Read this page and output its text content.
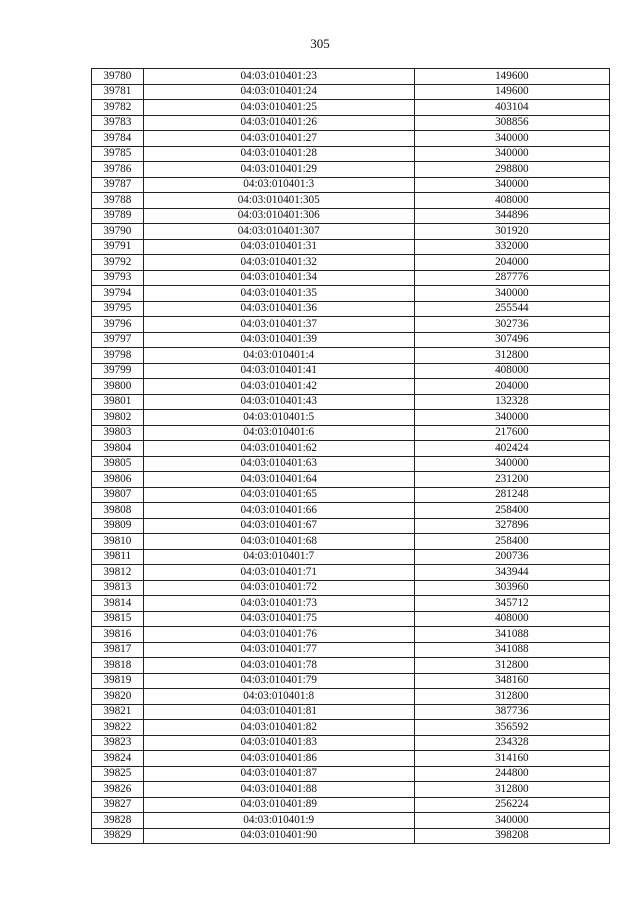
305
39780	04:03:010401:23	149600
39781	04:03:010401:24	149600
39782	04:03:010401:25	403104
39783	04:03:010401:26	308856
39784	04:03:010401:27	340000
39785	04:03:010401:28	340000
39786	04:03:010401:29	298800
39787	04:03:010401:3	340000
39788	04:03:010401:305	408000
39789	04:03:010401:306	344896
39790	04:03:010401:307	301920
39791	04:03:010401:31	332000
39792	04:03:010401:32	204000
39793	04:03:010401:34	287776
39794	04:03:010401:35	340000
39795	04:03:010401:36	255544
39796	04:03:010401:37	302736
39797	04:03:010401:39	307496
39798	04:03:010401:4	312800
39799	04:03:010401:41	408000
39800	04:03:010401:42	204000
39801	04:03:010401:43	132328
39802	04:03:010401:5	340000
39803	04:03:010401:6	217600
39804	04:03:010401:62	402424
39805	04:03:010401:63	340000
39806	04:03:010401:64	231200
39807	04:03:010401:65	281248
39808	04:03:010401:66	258400
39809	04:03:010401:67	327896
39810	04:03:010401:68	258400
39811	04:03:010401:7	200736
39812	04:03:010401:71	343944
39813	04:03:010401:72	303960
39814	04:03:010401:73	345712
39815	04:03:010401:75	408000
39816	04:03:010401:76	341088
39817	04:03:010401:77	341088
39818	04:03:010401:78	312800
39819	04:03:010401:79	348160
39820	04:03:010401:8	312800
39821	04:03:010401:81	387736
39822	04:03:010401:82	356592
39823	04:03:010401:83	234328
39824	04:03:010401:86	314160
39825	04:03:010401:87	244800
39826	04:03:010401:88	312800
39827	04:03:010401:89	256224
39828	04:03:010401:9	340000
39829	04:03:010401:90	398208
